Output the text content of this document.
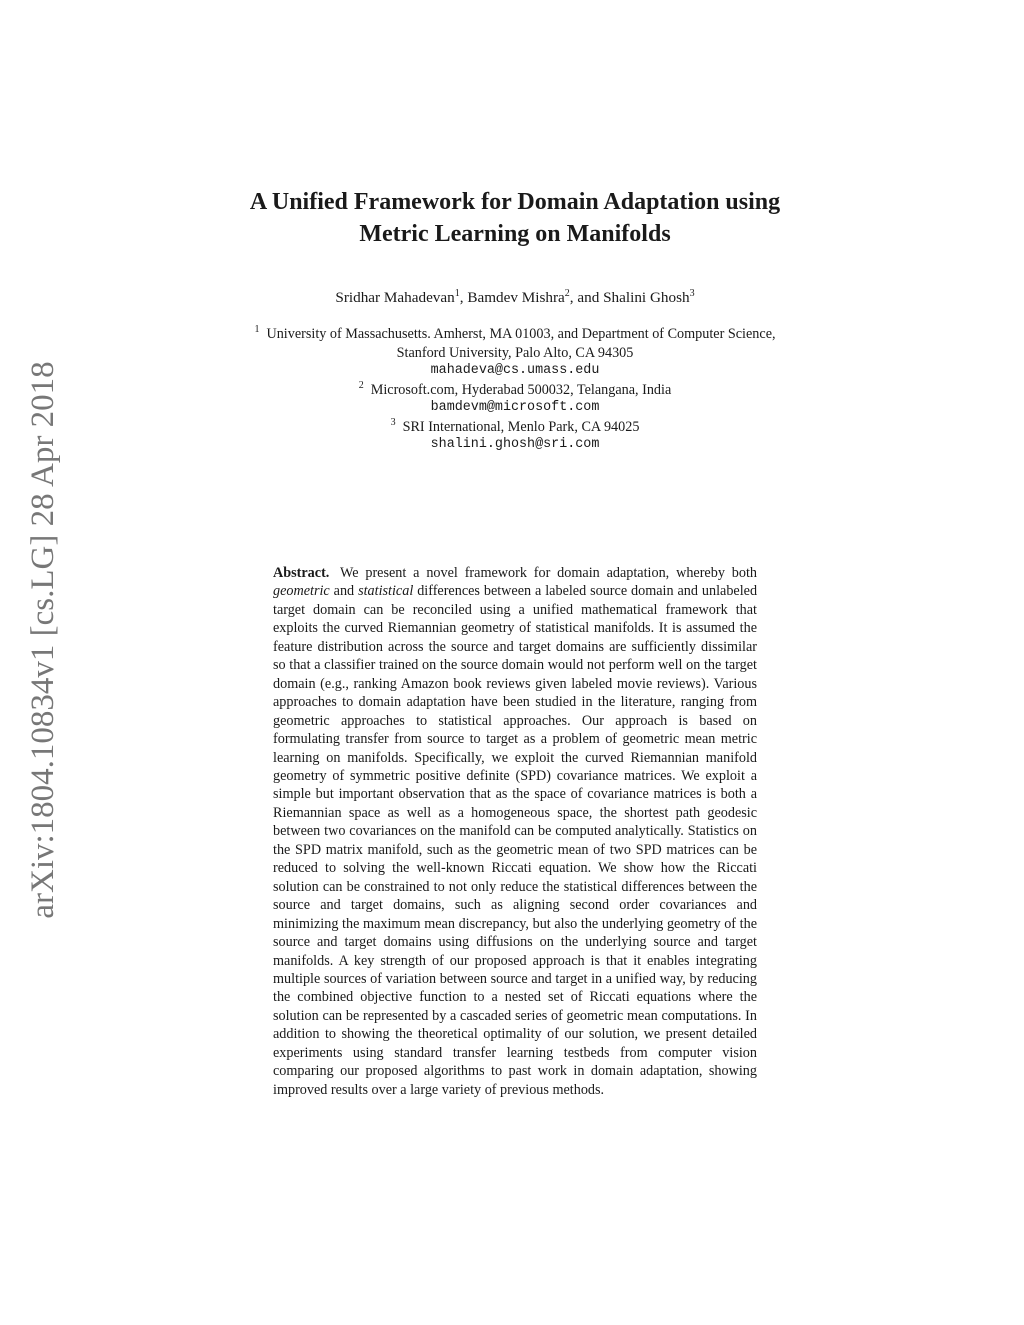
arXiv:1804.10834v1 [cs.LG] 28 Apr 2018
A Unified Framework for Domain Adaptation using
Metric Learning on Manifolds
Sridhar Mahadevan$^1$, Bamdev Mishra$^2$, and Shalini Ghosh$^3$
$^1$ University of Massachusetts. Amherst, MA 01003, and Department of Computer Science,
Stanford University, Palo Alto, CA 94305
mahadeva@cs.umass.edu
$^2$ Microsoft.com, Hyderabad 500032, Telangana, India
bamdevm@microsoft.com
$^3$ SRI International, Menlo Park, CA 94025
shalini.ghosh@sri.com

Abstract. We present a novel framework for domain adaptation, whereby both geometric and statistical differences between a labeled source domain and unlabeled target domain can be reconciled using a unified mathematical framework that exploits the curved Riemannian geometry of statistical manifolds. It is assumed the feature distribution across the source and target domains are sufficiently dissimilar so that a classifier trained on the source domain would not perform well on the target domain (e.g., ranking Amazon book reviews given labeled movie reviews). Various approaches to domain adaptation have been studied in the literature, ranging from geometric approaches to statistical approaches. Our approach is based on formulating transfer from source to target as a problem of geometric mean metric learning on manifolds. Specifically, we exploit the curved Riemannian manifold geometry of symmetric positive definite (SPD) covariance matrices. We exploit a simple but important observation that as the space of covariance matrices is both a Riemannian space as well as a homogeneous space, the shortest path geodesic between two covariances on the manifold can be computed analytically. Statistics on the SPD matrix manifold, such as the geometric mean of two SPD matrices can be reduced to solving the well-known Riccati equation. We show how the Riccati solution can be constrained to not only reduce the statistical differences between the source and target domains, such as aligning second order covariances and minimizing the maximum mean discrepancy, but also the underlying geometry of the source and target domains using diffusions on the underlying source and target manifolds. A key strength of our proposed approach is that it enables integrating multiple sources of variation between source and target in a unified way, by reducing the combined objective function to a nested set of Riccati equations where the solution can be represented by a cascaded series of geometric mean computations. In addition to showing the theoretical optimality of our solution, we present detailed experiments using standard transfer learning testbeds from computer vision comparing our proposed algorithms to past work in domain adaptation, showing improved results over a large variety of previous methods.
